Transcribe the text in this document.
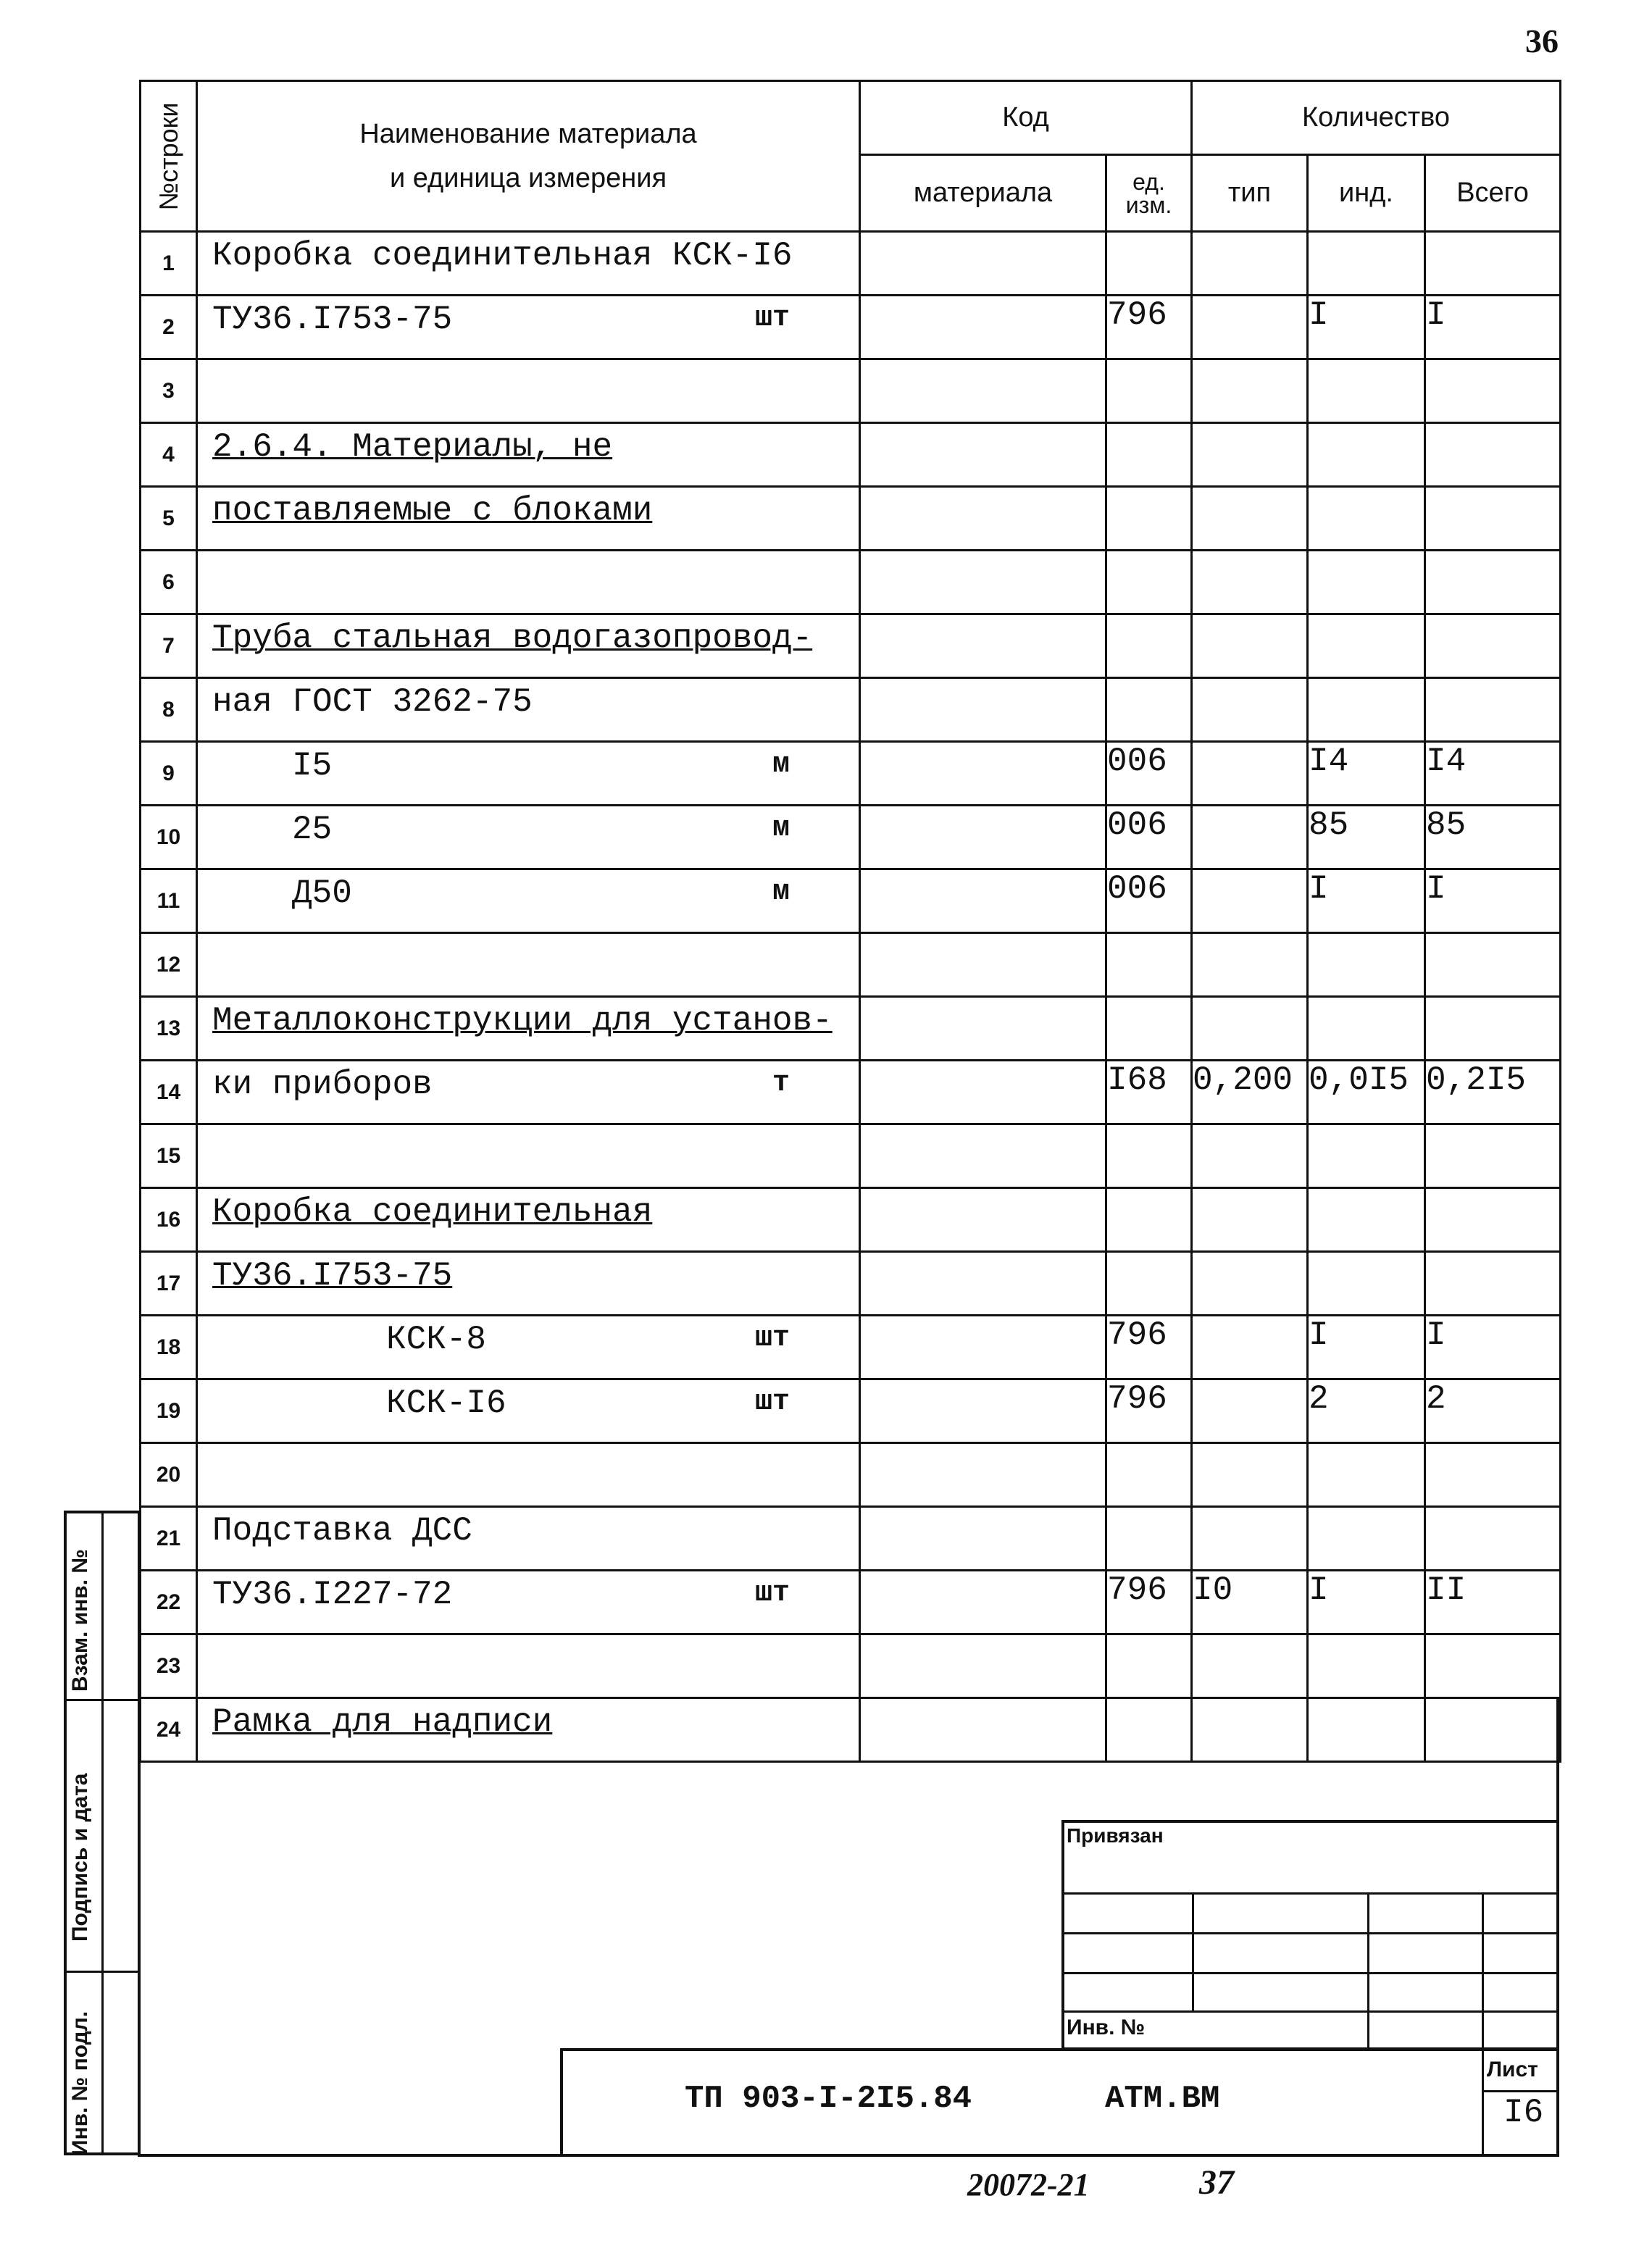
36
№строки	Наименование материала
и единица измерения	Код		Количество		
		материала	ед. изм.	тип	инд.	Всего
1	Коробка соединительная КСК-I6					

2	ТУ36.I753-75 шт		796		I	I
3	

4	2.6.4. Материалы, не					

5	поставляемые с блоками					

6	

7	Труба стальная водогазопровод-					

8	ная ГОСТ 3262-75					

9	I5 м		006		I4	I4
10	25 м		006		85	85
11	Д50 м		006		I	I
12	

13	Металлоконструкции для установ-					

14	ки приборов т		I68	0,200	0,0I5	0,2I5
15	

16	Коробка соединительная					

17	ТУ36.I753-75					

18	КСК-8 шт		796		I	I
19	КСК-I6 шт		796		2	2
20	

21	Подставка ДСС					

22	ТУ36.I227-72 шт		796	I0	I	II
23	

24	Рамка для надписи					

Взам. инв. №
Подпись и дата
Инв. № подл.
Привязан
Инв. №
ТП 903-I-2I5.84	АТМ.ВМ
Лист
I6
20072-21	37
